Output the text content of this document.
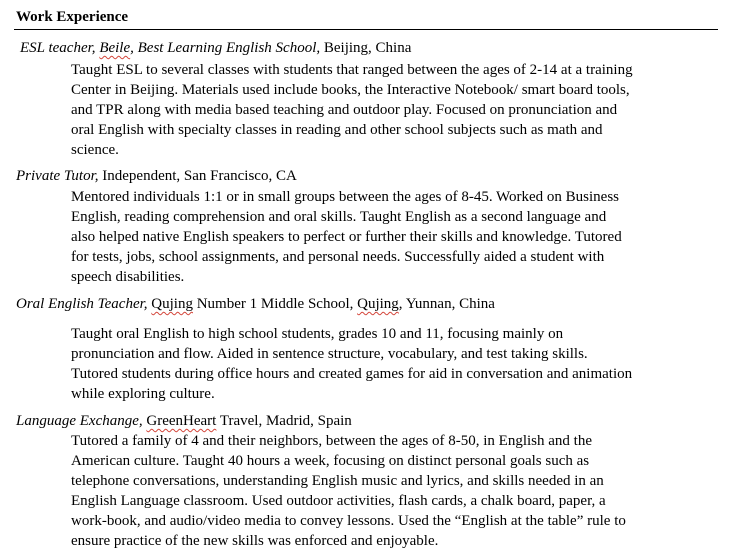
Work Experience
ESL teacher, Beile, Best Learning English School, Beijing, China
Taught ESL to several classes with students that ranged between the ages of 2-14 at a training
Center in Beijing. Materials used include books, the Interactive Notebook/ smart board tools,
and TPR along with media based teaching and outdoor play. Focused on pronunciation and
oral English with specialty classes in reading and other school subjects such as math and
science.
Private Tutor, Independent, San Francisco, CA
Mentored individuals 1:1 or in small groups between the ages of 8-45. Worked on Business
English, reading comprehension and oral skills. Taught English as a second language and
also helped native English speakers to perfect or further their skills and knowledge. Tutored
for tests, jobs, school assignments, and personal needs. Successfully aided a student with
speech disabilities.
Oral English Teacher, Qujing Number 1 Middle School, Qujing, Yunnan, China
Taught oral English to high school students, grades 10 and 11, focusing mainly on
pronunciation and flow. Aided in sentence structure, vocabulary, and test taking skills.
Tutored students during office hours and created games for aid in conversation and animation
while exploring culture.
Language Exchange, GreenHeart Travel, Madrid, Spain
Tutored a family of 4 and their neighbors, between the ages of 8-50, in English and the
American culture. Taught 40 hours a week, focusing on distinct personal goals such as
telephone conversations, understanding English music and lyrics, and skills needed in an
English Language classroom. Used outdoor activities, flash cards, a chalk board, paper, a
work-book, and audio/video media to convey lessons. Used the “English at the table” rule to
ensure practice of the new skills was enforced and enjoyable.
